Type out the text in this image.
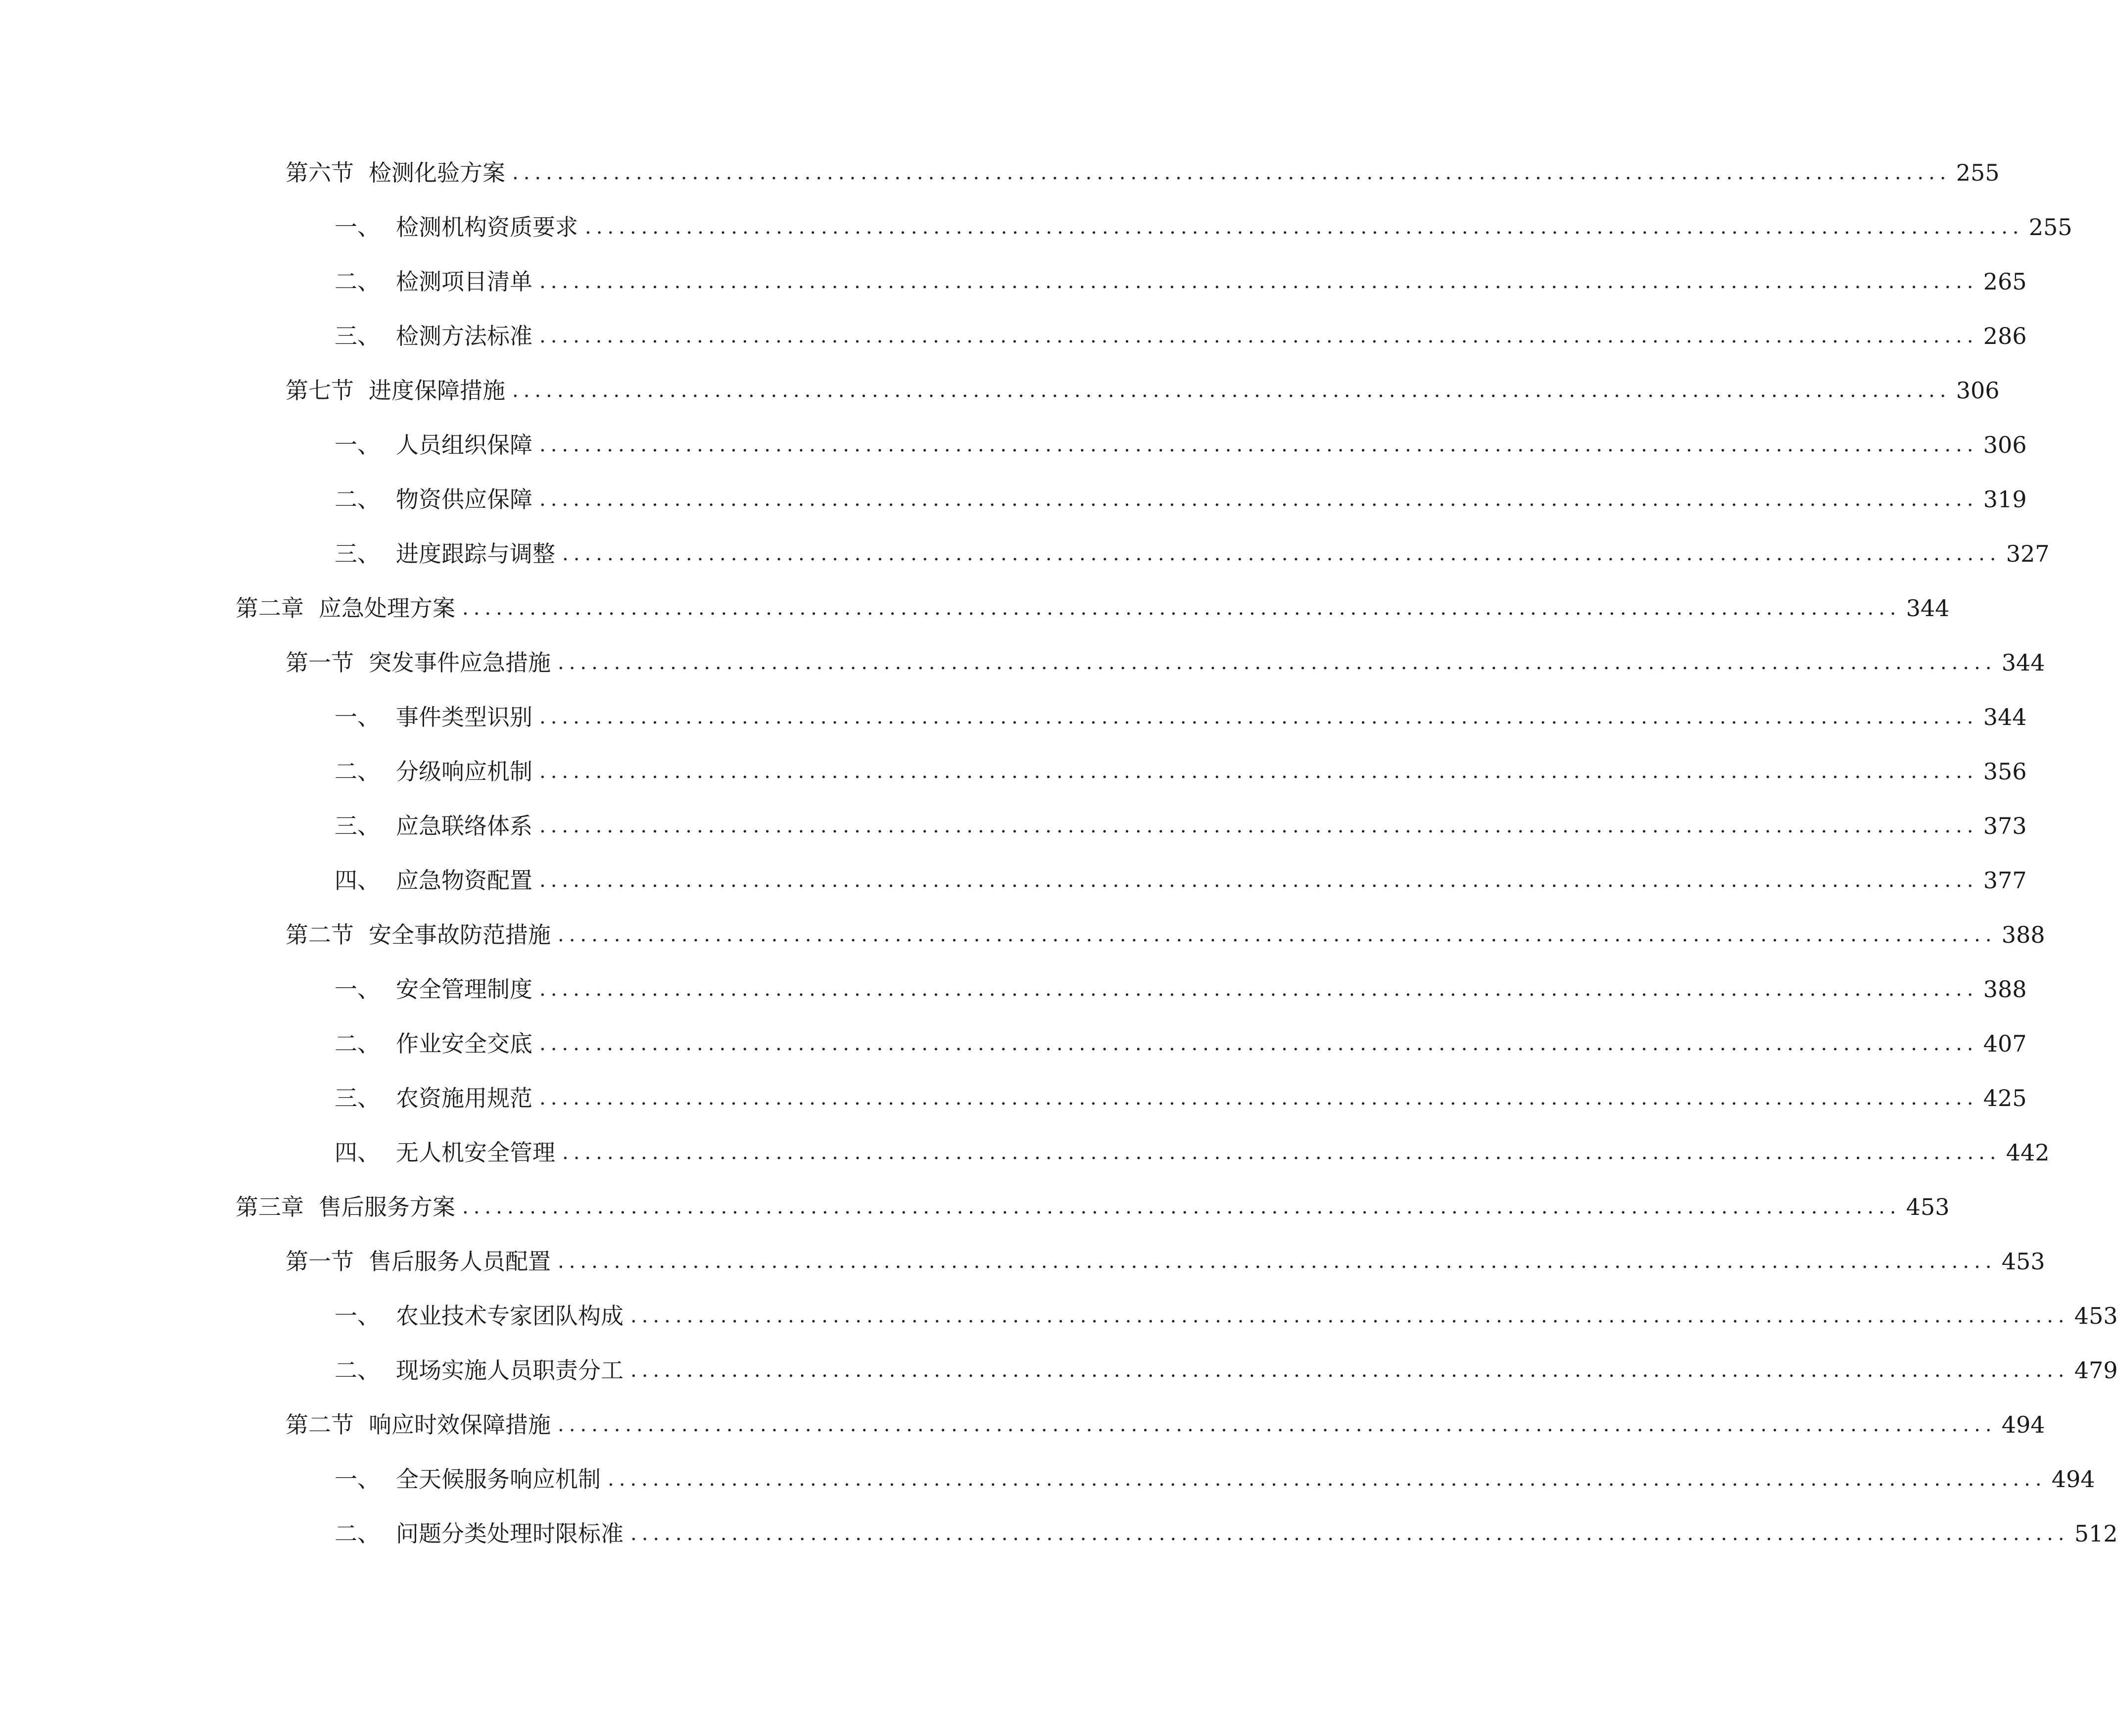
第六节 检测化验方案 ................................................................................................................................ 255
一、 检测机构资质要求 ................................................................................................................................ 255
二、 检测项目清单 ................................................................................................................................ 265
三、 检测方法标准 ................................................................................................................................ 286
第七节 进度保障措施 ................................................................................................................................ 306
一、 人员组织保障 ................................................................................................................................ 306
二、 物资供应保障 ................................................................................................................................ 319
三、 进度跟踪与调整 ................................................................................................................................ 327
第二章 应急处理方案 ................................................................................................................................ 344
第一节 突发事件应急措施 ................................................................................................................................ 344
一、 事件类型识别 ................................................................................................................................ 344
二、 分级响应机制 ................................................................................................................................ 356
三、 应急联络体系 ................................................................................................................................ 373
四、 应急物资配置 ................................................................................................................................ 377
第二节 安全事故防范措施 ................................................................................................................................ 388
一、 安全管理制度 ................................................................................................................................ 388
二、 作业安全交底 ................................................................................................................................ 407
三、 农资施用规范 ................................................................................................................................ 425
四、 无人机安全管理 ................................................................................................................................ 442
第三章 售后服务方案 ................................................................................................................................ 453
第一节 售后服务人员配置 ................................................................................................................................ 453
一、 农业技术专家团队构成 ................................................................................................................................ 453
二、 现场实施人员职责分工 ................................................................................................................................ 479
第二节 响应时效保障措施 ................................................................................................................................ 494
一、 全天候服务响应机制 ................................................................................................................................ 494
二、 问题分类处理时限标准 ................................................................................................................................ 512
